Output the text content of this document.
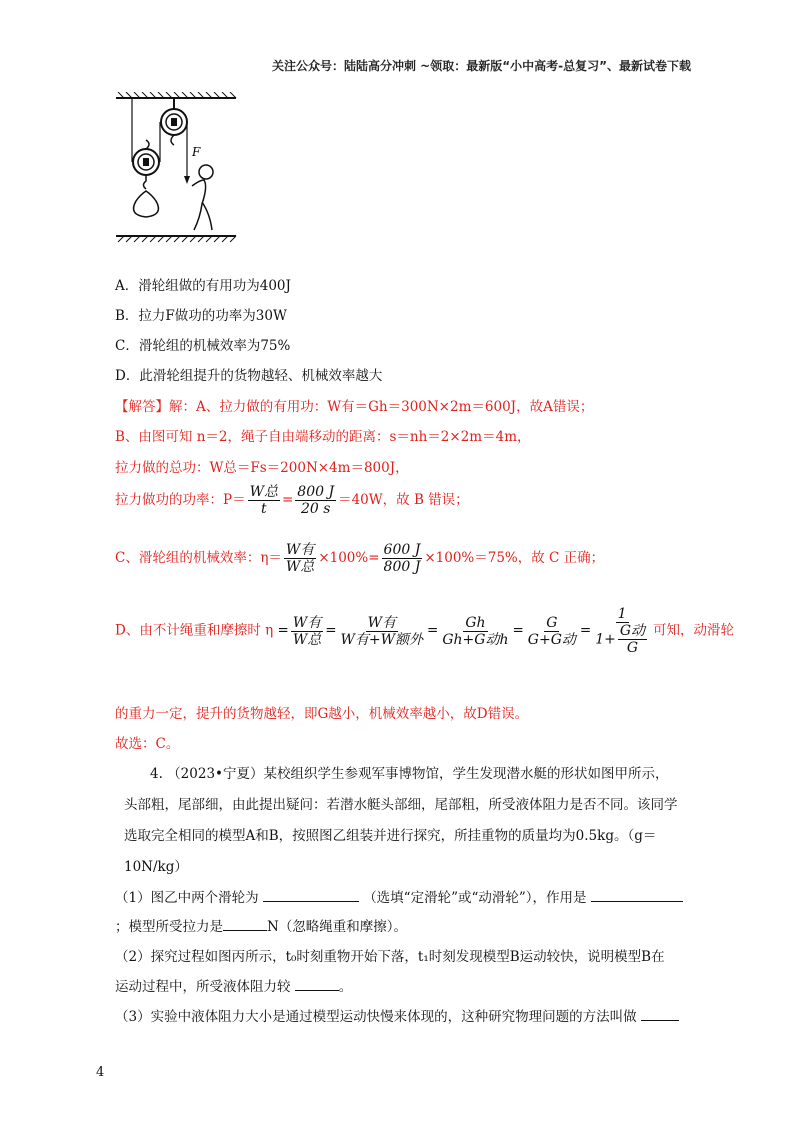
关注公众号：陆陆高分冲刺 ~领取：最新版“小中高考-总复习”、最新试卷下载
F
A．滑轮组做的有用功为400J
B．拉力F做功的功率为30W
C．滑轮组的机械效率为75%
D．此滑轮组提升的货物越轻、机械效率越大
【解答】解：A、拉力做的有用功：W有＝Gh＝300N×2m＝600J，故A错误；
B、由图可知 n＝2，绳子自由端移动的距离：s＝nh＝2×2m＝4m，
拉力做的总功：W总＝Fs＝200N×4m＝800J，
拉力做功的功率：$P= \frac{\text{W总}}{t} = \frac{800 J}{20 s} =40W$，故 B 错误；
C、滑轮组的机械效率：$\eta= \frac{\text{W有}}{\text{W总}} \times 100\%= \frac{600 J}{800 J} \times 100\%=75\%$，故 C 正确；
D、由不计绳重和摩擦时 $\eta = \frac{\text{W有}}{\text{W总}} = \frac{\text{W有}}{\text{W有+W额外}} = \frac{Gh}{\text{Gh+G动h}} = \frac{G}{\text{G+G动}} = \frac{1}{1+ \frac{\text{G动}}{G}}$ 可知，动滑轮
的重力一定，提升的货物越轻，即G越小，机械效率越小，故D错误。
故选：C。
4. （2023•宁夏）某校组织学生参观军事博物馆，学生发现潜水艇的形状如图甲所示，
头部粗，尾部细，由此提出疑问：若潜水艇头部细，尾部粗，所受液体阻力是否不同。该同学
选取完全相同的模型A和B，按照图乙组装并进行探究，所挂重物的质量均为0.5kg。（g＝
10N/kg）
（1）图乙中两个滑轮为	（选填“定滑轮”或“动滑轮”），作用是
；模型所受拉力是	N（忽略绳重和摩擦）。
（2）探究过程如图丙所示，t₀时刻重物开始下落，t₁时刻发现模型B运动较快，说明模型B在
运动过程中，所受液体阻力较	。
（3）实验中液体阻力大小是通过模型运动快慢来体现的，这种研究物理问题的方法叫做
4
